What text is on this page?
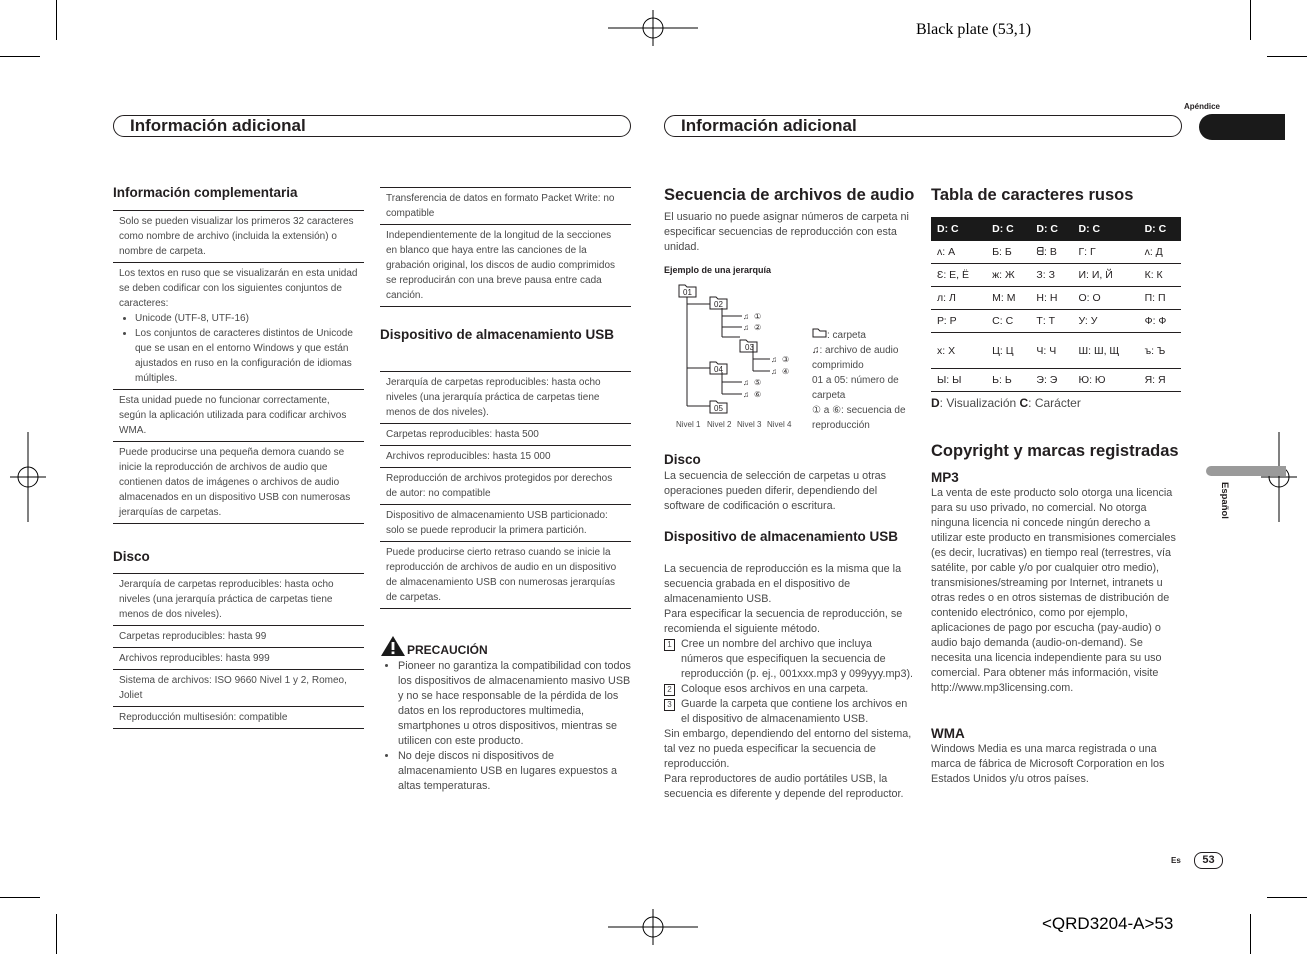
Black plate (53,1)
<QRD3204-A>53
Información adicional	Información adicional
Apéndice
Español
Información complementaria
Solo se pueden visualizar los primeros 32 caracteres como nombre de archivo (incluida la extensión) o nombre de carpeta.
Los textos en ruso que se visualizarán en esta unidad se deben codificar con los siguientes conjuntos de caracteres:
• Unicode (UTF-8, UTF-16)
• Los conjuntos de caracteres distintos de Unicode que se usan en el entorno Windows y que están ajustados en ruso en la configuración de idiomas múltiples.
Esta unidad puede no funcionar correctamente, según la aplicación utilizada para codificar archivos WMA.
Puede producirse una pequeña demora cuando se inicie la reproducción de archivos de audio que contienen datos de imágenes o archivos de audio almacenados en un dispositivo USB con numerosas jerarquías de carpetas.
Disco
Jerarquía de carpetas reproducibles: hasta ocho niveles (una jerarquía práctica de carpetas tiene menos de dos niveles).
Carpetas reproducibles: hasta 99
Archivos reproducibles: hasta 999
Sistema de archivos: ISO 9660 Nivel 1 y 2, Romeo, Joliet
Reproducción multisesión: compatible
Transferencia de datos en formato Packet Write: no compatible
Independientemente de la longitud de la secciones en blanco que haya entre las canciones de la grabación original, los discos de audio comprimidos se reproducirán con una breve pausa entre cada canción.
Dispositivo de almacenamiento USB
Jerarquía de carpetas reproducibles: hasta ocho niveles (una jerarquía práctica de carpetas tiene menos de dos niveles).
Carpetas reproducibles: hasta 500
Archivos reproducibles: hasta 15 000
Reproducción de archivos protegidos por derechos de autor: no compatible
Dispositivo de almacenamiento USB particionado: solo se puede reproducir la primera partición.
Puede producirse cierto retraso cuando se inicie la reproducción de archivos de audio en un dispositivo de almacenamiento USB con numerosas jerarquías de carpetas.
PRECAUCIÓN
• Pioneer no garantiza la compatibilidad con todos los dispositivos de almacenamiento masivo USB y no se hace responsable de la pérdida de los datos en los reproductores multimedia, smartphones u otros dispositivos, mientras se utilicen con este producto.
• No deje discos ni dispositivos de almacenamiento USB en lugares expuestos a altas temperaturas.
Secuencia de archivos de audio
El usuario no puede asignar números de carpeta ni especificar secuencias de reproducción con esta unidad.
Ejemplo de una jerarquía
01
02
03
04
05
♫ ①
♫ ②
♫ ③
♫ ④
♫ ⑤
♫ ⑥
Nivel 1 Nivel 2 Nivel 3 Nivel 4
: carpeta
♫: archivo de audio comprimido
01 a 05: número de carpeta
① a ⑥: secuencia de reproducción
Disco
La secuencia de selección de carpetas u otras operaciones pueden diferir, dependiendo del software de codificación o escritura.
Dispositivo de almacenamiento USB

La secuencia de reproducción es la misma que la secuencia grabada en el dispositivo de almacenamiento USB.

Para especificar la secuencia de reproducción, se recomienda el siguiente método.

1 Cree un nombre del archivo que incluya números que especifiquen la secuencia de reproducción (p. ej., 001xxx.mp3 y 099yyy.mp3).
2 Coloque esos archivos en una carpeta.
3 Guarde la carpeta que contiene los archivos en el dispositivo de almacenamiento USB.

Sin embargo, dependiendo del entorno del sistema, tal vez no pueda especificar la secuencia de reproducción.

Para reproductores de audio portátiles USB, la secuencia es diferente y depende del reproductor.

Tabla de caracteres rusos
D: C	D: C	D: C	D: C	D: C
ʌ: А	Ƃ: Б	ᗺ: В	Г: Г	ʌ: Д
Ɛ: Е, Ё	ж: Ж	З: З	И: И, Й	К: К
л: Л	М: М	Н: Н	О: О	П: П
Р: Р	С: С	Т: Т	У: У	Ф: Ф
х: Х	Ц: Ц	Ч: Ч	Ш: Ш, Щ	ъ: Ъ
Ы: Ы	Ь: Ь	Э: Э	Ю: Ю	Я: Я
D: Visualización C: Carácter
Copyright y marcas registradas
MP3

La venta de este producto solo otorga una licencia para su uso privado, no comercial. No otorga ninguna licencia ni concede ningún derecho a utilizar este producto en transmisiones comerciales (es decir, lucrativas) en tiempo real (terrestres, vía satélite, por cable y/o por cualquier otro medio), transmisiones/streaming por Internet, intranets u otras redes o en otros sistemas de distribución de contenido electrónico, como por ejemplo, aplicaciones de pago por escucha (pay-audio) o audio bajo demanda (audio-on-demand). Se necesita una licencia independiente para su uso comercial. Para obtener más información, visite

http://www.mp3licensing.com.

WMA
Windows Media es una marca registrada o una marca de fábrica de Microsoft Corporation en los Estados Unidos y/u otros países.
Es	53
